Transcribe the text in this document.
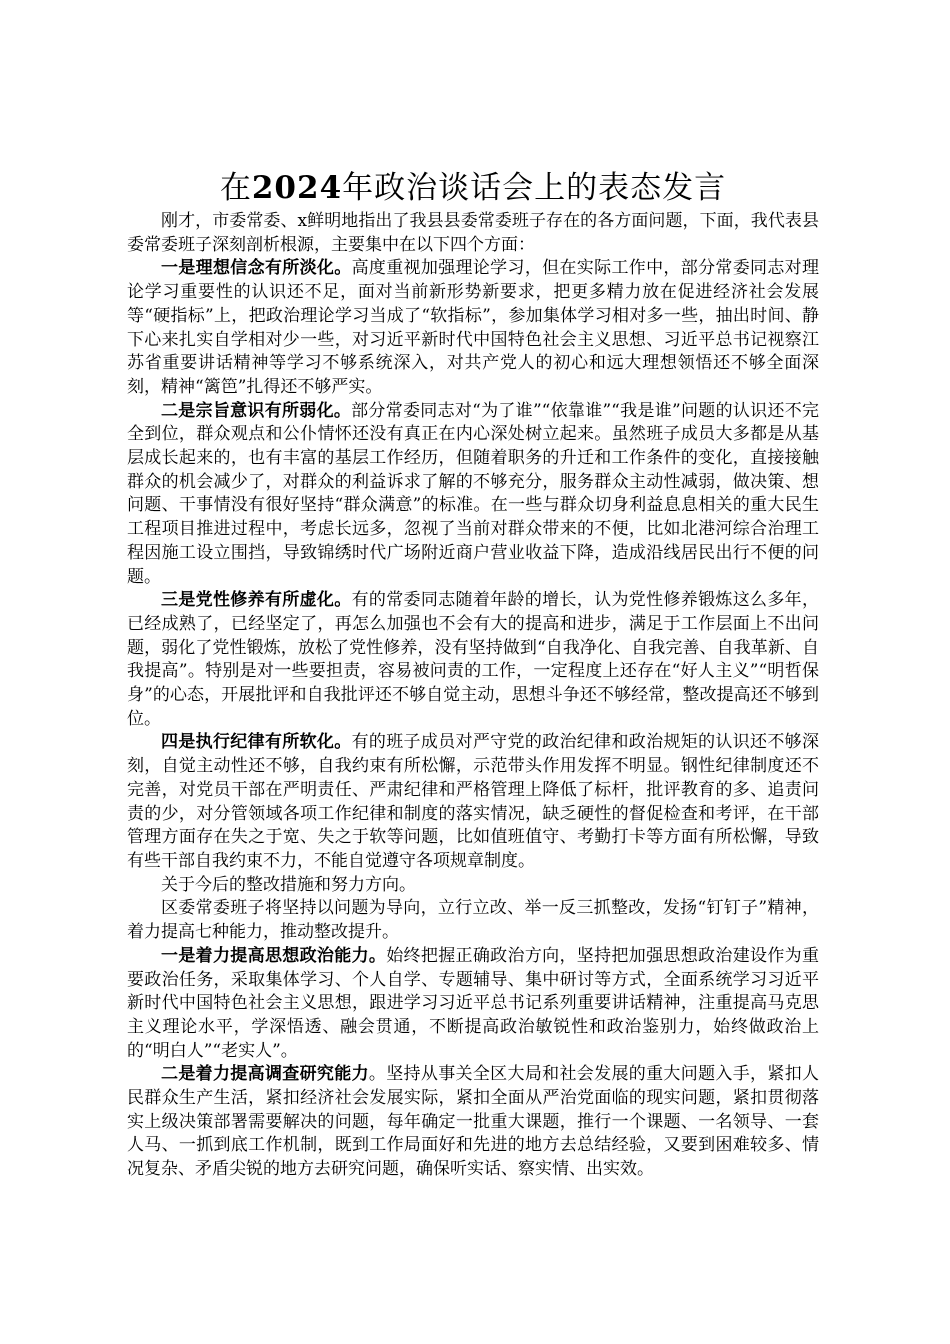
在2024年政治谈话会上的表态发言

刚才，市委常委、x鲜明地指出了我县县委常委班子存在的各方面问题，下面，我代表县委常委班子深刻剖析根源，主要集中在以下四个方面：

一是理想信念有所淡化。高度重视加强理论学习，但在实际工作中，部分常委同志对理论学习重要性的认识还不足，面对当前新形势新要求，把更多精力放在促进经济社会发展等“硬指标”上，把政治理论学习当成了“软指标”，参加集体学习相对多一些，抽出时间、静下心来扎实自学相对少一些，对习近平新时代中国特色社会主义思想、习近平总书记视察江苏省重要讲话精神等学习不够系统深入，对共产党人的初心和远大理想领悟还不够全面深刻，精神“篱笆”扎得还不够严实。

二是宗旨意识有所弱化。部分常委同志对“为了谁”“依靠谁”“我是谁”问题的认识还不完全到位，群众观点和公仆情怀还没有真正在内心深处树立起来。虽然班子成员大多都是从基层成长起来的，也有丰富的基层工作经历，但随着职务的升迁和工作条件的变化，直接接触群众的机会减少了，对群众的利益诉求了解的不够充分，服务群众主动性减弱，做决策、想问题、干事情没有很好坚持“群众满意”的标准。在一些与群众切身利益息息相关的重大民生工程项目推进过程中，考虑长远多，忽视了当前对群众带来的不便，比如北港河综合治理工程因施工设立围挡，导致锦绣时代广场附近商户营业收益下降，造成沿线居民出行不便的问题。

三是党性修养有所虚化。有的常委同志随着年龄的增长，认为党性修养锻炼这么多年，已经成熟了，已经坚定了，再怎么加强也不会有大的提高和进步，满足于工作层面上不出问题，弱化了党性锻炼，放松了党性修养，没有坚持做到“自我净化、自我完善、自我革新、自我提高”。特别是对一些要担责，容易被问责的工作，一定程度上还存在“好人主义”“明哲保身”的心态，开展批评和自我批评还不够自觉主动，思想斗争还不够经常，整改提高还不够到位。

四是执行纪律有所软化。有的班子成员对严守党的政治纪律和政治规矩的认识还不够深刻，自觉主动性还不够，自我约束有所松懈，示范带头作用发挥不明显。钢性纪律制度还不完善，对党员干部在严明责任、严肃纪律和严格管理上降低了标杆，批评教育的多、追责问责的少，对分管领域各项工作纪律和制度的落实情况，缺乏硬性的督促检查和考评，在干部管理方面存在失之于宽、失之于软等问题，比如值班值守、考勤打卡等方面有所松懈，导致有些干部自我约束不力，不能自觉遵守各项规章制度。

关于今后的整改措施和努力方向。

区委常委班子将坚持以问题为导向，立行立改、举一反三抓整改，发扬“钉钉子”精神，着力提高七种能力，推动整改提升。

一是着力提高思想政治能力。始终把握正确政治方向，坚持把加强思想政治建设作为重要政治任务，采取集体学习、个人自学、专题辅导、集中研讨等方式，全面系统学习习近平新时代中国特色社会主义思想，跟进学习习近平总书记系列重要讲话精神，注重提高马克思主义理论水平，学深悟透、融会贯通，不断提高政治敏锐性和政治鉴别力，始终做政治上的“明白人”“老实人”。

二是着力提高调查研究能力。坚持从事关全区大局和社会发展的重大问题入手，紧扣人民群众生产生活，紧扣经济社会发展实际，紧扣全面从严治党面临的现实问题，紧扣贯彻落实上级决策部署需要解决的问题，每年确定一批重大课题，推行一个课题、一名领导、一套人马、一抓到底工作机制，既到工作局面好和先进的地方去总结经验，又要到困难较多、情况复杂、矛盾尖锐的地方去研究问题，确保听实话、察实情、出实效。
